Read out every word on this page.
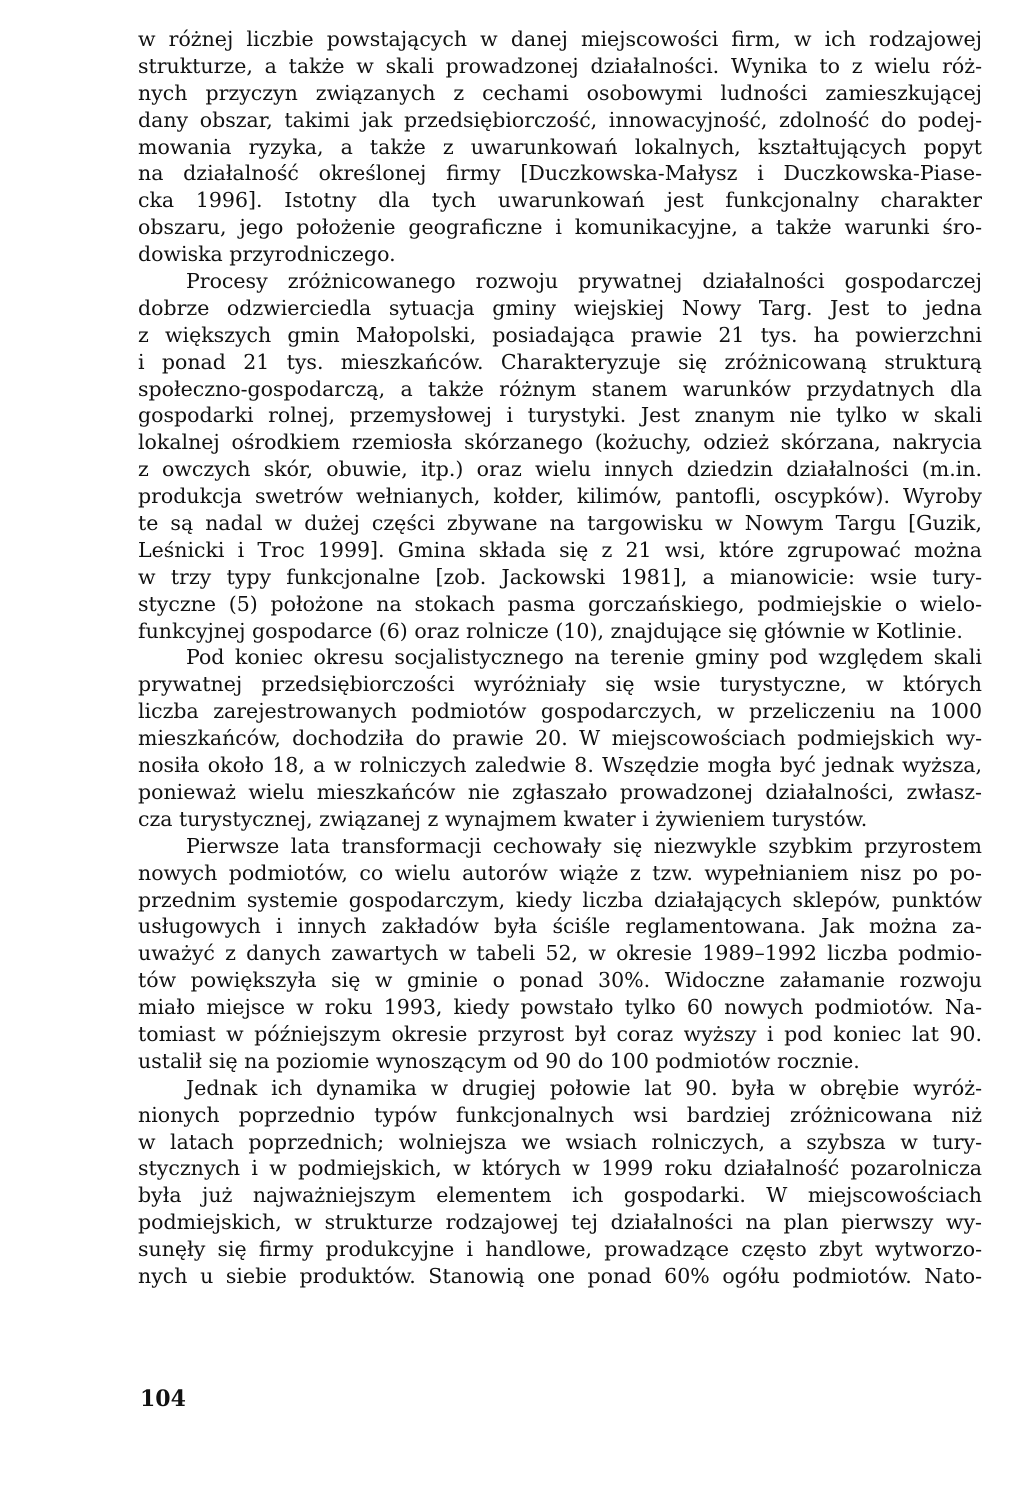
w różnej liczbie powstających w danej miejscowości firm, w ich rodzajowej
strukturze, a także w skali prowadzonej działalności. Wynika to z wielu róż-
nych przyczyn związanych z cechami osobowymi ludności zamieszkującej
dany obszar, takimi jak przedsiębiorczość, innowacyjność, zdolność do podej-
mowania ryzyka, a także z uwarunkowań lokalnych, kształtujących popyt
na działalność określonej firmy [Duczkowska-Małysz i Duczkowska-Piase-
cka 1996]. Istotny dla tych uwarunkowań jest funkcjonalny charakter
obszaru, jego położenie geograficzne i komunikacyjne, a także warunki śro-
dowiska przyrodniczego.
Procesy zróżnicowanego rozwoju prywatnej działalności gospodarczej
dobrze odzwierciedla sytuacja gminy wiejskiej Nowy Targ. Jest to jedna
z większych gmin Małopolski, posiadająca prawie 21 tys. ha powierzchni
i ponad 21 tys. mieszkańców. Charakteryzuje się zróżnicowaną strukturą
społeczno-gospodarczą, a także różnym stanem warunków przydatnych dla
gospodarki rolnej, przemysłowej i turystyki. Jest znanym nie tylko w skali
lokalnej ośrodkiem rzemiosła skórzanego (kożuchy, odzież skórzana, nakrycia
z owczych skór, obuwie, itp.) oraz wielu innych dziedzin działalności (m.in.
produkcja swetrów wełnianych, kołder, kilimów, pantofli, oscypków). Wyroby
te są nadal w dużej części zbywane na targowisku w Nowym Targu [Guzik,
Leśnicki i Troc 1999]. Gmina składa się z 21 wsi, które zgrupować można
w trzy typy funkcjonalne [zob. Jackowski 1981], a mianowicie: wsie tury-
styczne (5) położone na stokach pasma gorczańskiego, podmiejskie o wielo-
funkcyjnej gospodarce (6) oraz rolnicze (10), znajdujące się głównie w Kotlinie.
Pod koniec okresu socjalistycznego na terenie gminy pod względem skali
prywatnej przedsiębiorczości wyróżniały się wsie turystyczne, w których
liczba zarejestrowanych podmiotów gospodarczych, w przeliczeniu na 1000
mieszkańców, dochodziła do prawie 20. W miejscowościach podmiejskich wy-
nosiła około 18, a w rolniczych zaledwie 8. Wszędzie mogła być jednak wyższa,
ponieważ wielu mieszkańców nie zgłaszało prowadzonej działalności, zwłasz-
cza turystycznej, związanej z wynajmem kwater i żywieniem turystów.
Pierwsze lata transformacji cechowały się niezwykle szybkim przyrostem
nowych podmiotów, co wielu autorów wiąże z tzw. wypełnianiem nisz po po-
przednim systemie gospodarczym, kiedy liczba działających sklepów, punktów
usługowych i innych zakładów była ściśle reglamentowana. Jak można za-
uważyć z danych zawartych w tabeli 52, w okresie 1989–1992 liczba podmio-
tów powiększyła się w gminie o ponad 30%. Widoczne załamanie rozwoju
miało miejsce w roku 1993, kiedy powstało tylko 60 nowych podmiotów. Na-
tomiast w późniejszym okresie przyrost był coraz wyższy i pod koniec lat 90.
ustalił się na poziomie wynoszącym od 90 do 100 podmiotów rocznie.
Jednak ich dynamika w drugiej połowie lat 90. była w obrębie wyróż-
nionych poprzednio typów funkcjonalnych wsi bardziej zróżnicowana niż
w latach poprzednich; wolniejsza we wsiach rolniczych, a szybsza w tury-
stycznych i w podmiejskich, w których w 1999 roku działalność pozarolnicza
była już najważniejszym elementem ich gospodarki. W miejscowościach
podmiejskich, w strukturze rodzajowej tej działalności na plan pierwszy wy-
sunęły się firmy produkcyjne i handlowe, prowadzące często zbyt wytworzo-
nych u siebie produktów. Stanowią one ponad 60% ogółu podmiotów. Nato-
104
